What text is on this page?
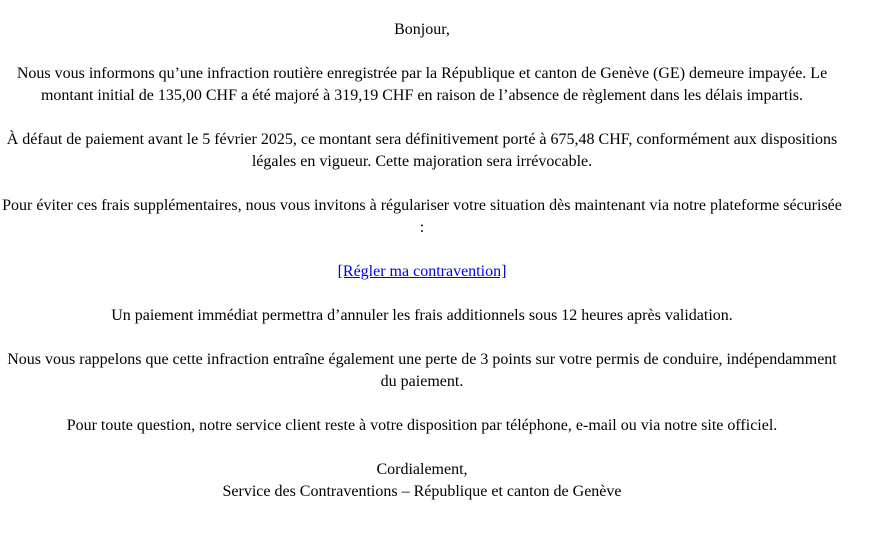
Bonjour,

Nous vous informons qu’une infraction routière enregistrée par la République et canton de Genève (GE) demeure impayée. Le montant initial de 135,00 CHF a été majoré à 319,19 CHF en raison de l’absence de règlement dans les délais impartis.

À défaut de paiement avant le 5 février 2025, ce montant sera définitivement porté à 675,48 CHF, conformément aux dispositions légales en vigueur. Cette majoration sera irrévocable.

Pour éviter ces frais supplémentaires, nous vous invitons à régulariser votre situation dès maintenant via notre plateforme sécurisée :

[Régler ma contravention]

Un paiement immédiat permettra d’annuler les frais additionnels sous 12 heures après validation.

Nous vous rappelons que cette infraction entraîne également une perte de 3 points sur votre permis de conduire, indépendamment du paiement.

Pour toute question, notre service client reste à votre disposition par téléphone, e-mail ou via notre site officiel.

Cordialement,

Service des Contraventions – République et canton de Genève
